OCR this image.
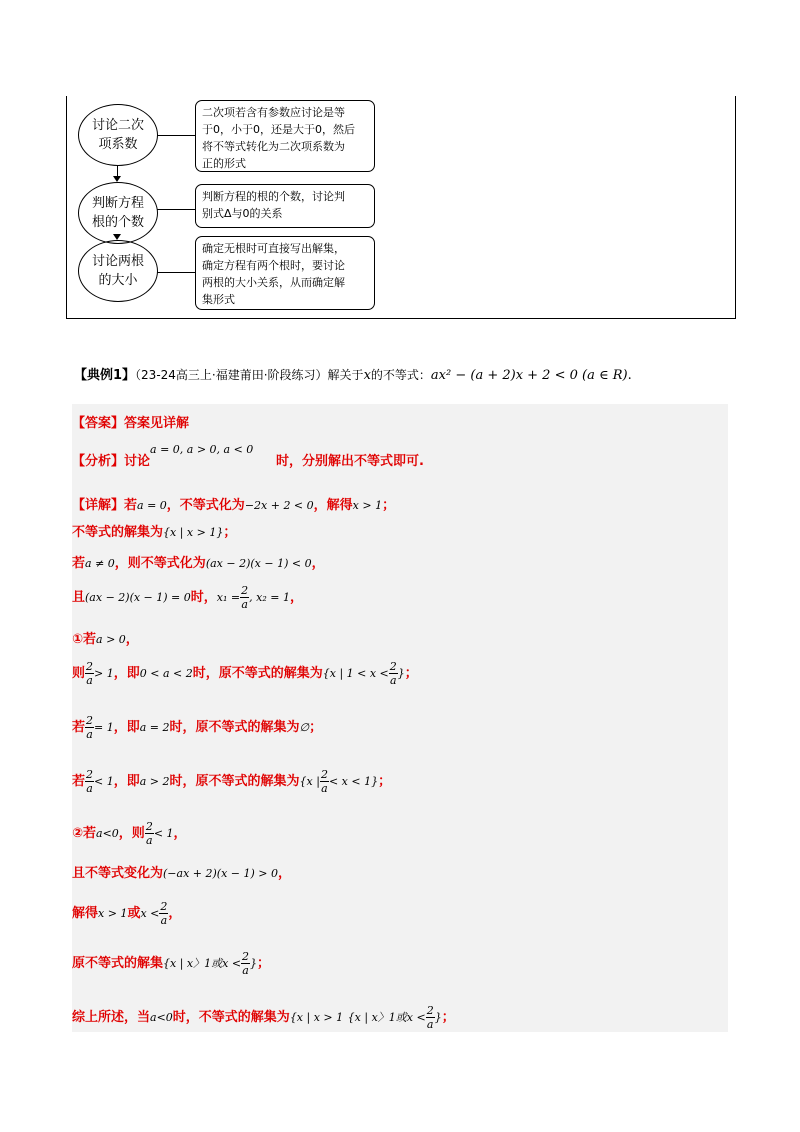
讨论二次
项系数
判断方程
根的个数
讨论两根
的大小
二次项若含有参数应讨论是等
于0，小于0，还是大于0，然后
将不等式转化为二次项系数为
正的形式
判断方程的根的个数，讨论判
别式Δ与0的关系
确定无根时可直接写出解集，
确定方程有两个根时，要讨论
两根的大小关系，从而确定解
集形式
【典例1】（23-24高三上·福建莆田·阶段练习）解关于x的不等式：ax² − (a + 2)x + 2 < 0 (a ∈ R).
【答案】答案见详解
【分析】讨论$^{a = 0, a > 0, a < 0}$     时，分别解出不等式即可.
【详解】若a = 0，不等式化为−2x + 2 < 0，解得x > 1；
不等式的解集为{x | x > 1}；
若a ≠ 0，则不等式化为(ax − 2)(x − 1) < 0，
且(ax − 2)(x − 1) = 0时，$x_1 = \frac{2}{a}$ , x₂ = 1，
①若a > 0，
则 $\frac{2}{a} > 1$，即0 < a < 2时，原不等式的解集为{x | $1 < x < \frac{2}{a}$ }；
若 $\frac{2}{a} = 1$，即a = 2时，原不等式的解集为∅；
若 $\frac{2}{a} < 1$，即a > 2时，原不等式的解集为{x | $\frac{2}{a} < x < 1$}；
②若a<0，则 $\frac{2}{a} < 1$，
且不等式变化为(−ax + 2)(x − 1) > 0，
解得x > 1或$x < \frac{2}{a}$ ，
原不等式的解集{x | x〉1或$x < \frac{2}{a}$ }；
综上所述，当a<0时，不等式的解集为{x | x > 1 {x | x〉1或$x < \frac{2}{a}$ }；
